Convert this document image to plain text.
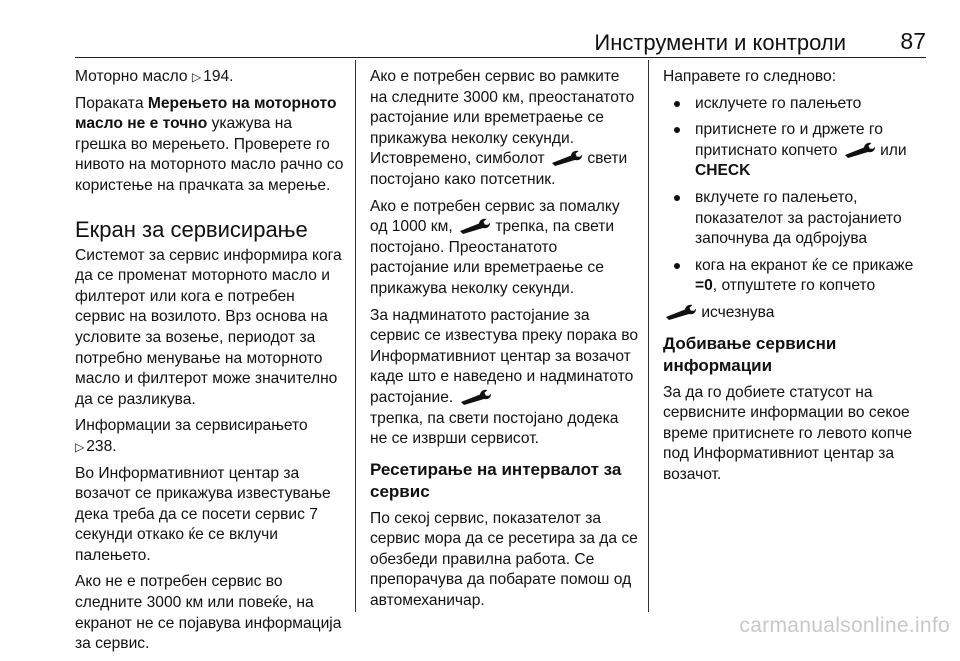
Инструменти и контроли 87

Моторно масло ▷ 194.

Поракатa Мерењето на моторното масло не е точно укажува на грешка во мерењето. Проверете го нивото на моторното масло рачно со користење на прачката за мерење.

Екран за сервисирање

Системот за сервис информира кога да се променат моторното масло и филтерот или кога е потребен сервис на возилото. Врз основа на условите за возење, периодот за потребно менување на моторното масло и филтерот може значително да се разликува.

Информации за сервисирањето
▷ 238.

Во Информативниот центар за возачот се прикажува известување дека треба да се посети сервис 7 секунди откако ќе се вклучи палењето.

Ако не е потребен сервис во следните 3000 км или повеќе, на екранот не се појавува информација за сервис.

Ако е потребен сервис во рамките на следните 3000 км, преостанатото растојание или времетраење се прикажува неколку секунди. Истовремено, симболот
свети постојано како потсетник.

Ако е потребен сервис за помалку од 1000 км,
трепка, па свети постојано. Преостанатото растојание или времетраење се прикажува неколку секунди.

За надминатото растојание за сервис се известува преку порака во Информативниот центар за возачот каде што е наведено и надминатото растојание.

трепка, па свети постојано додека не се изврши сервисот.

Ресетирање на интервалот за сервис

По секој сервис, показателот за сервис мора да се ресетира за да се обезбеди правилна работа. Се препорачува да побарате помош од автомеханичар.

Направете го следново:

исклучете го палењето
притиснете го и држете го притиснато копчето
или
CHECK
вклучете го палењето, показателот за растојанието започнува да одбројува
кога на екранот ќе се прикаже =0, отпуштете го копчето

исчезнува

Добивање сервисни информации

За да го добиете статусот на сервисните информации во секое време притиснете го левото копче под Информативниот центар за возачот.

carmanualsonline.info
